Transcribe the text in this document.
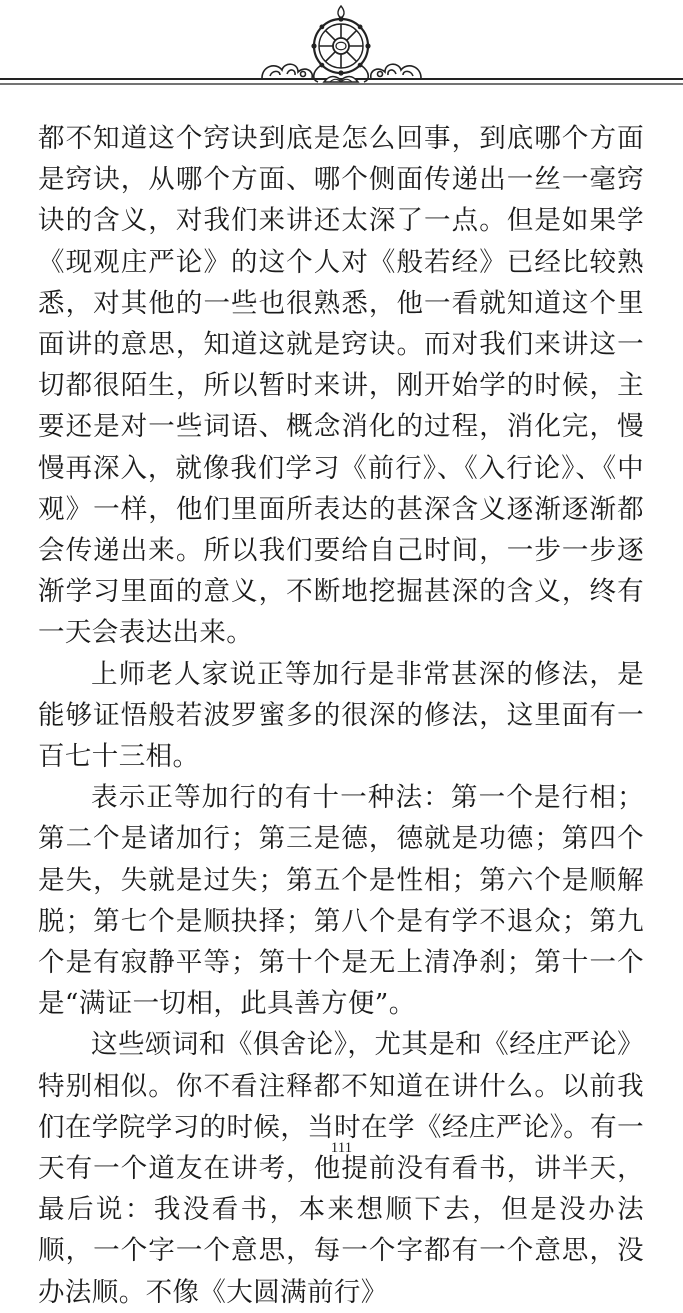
都不知道这个窍诀到底是怎么回事，到底哪个方面是窍诀，从哪个方面、哪个侧面传递出一丝一毫窍诀的含义，对我们来讲还太深了一点。但是如果学《现观庄严论》的这个人对《般若经》已经比较熟悉，对其他的一些也很熟悉，他一看就知道这个里面讲的意思，知道这就是窍诀。而对我们来讲这一切都很陌生，所以暂时来讲，刚开始学的时候，主要还是对一些词语、概念消化的过程，消化完，慢慢再深入，就像我们学习《前行》、《入行论》、《中观》一样，他们里面所表达的甚深含义逐渐逐渐都会传递出来。所以我们要给自己时间，一步一步逐渐学习里面的意义，不断地挖掘甚深的含义，终有一天会表达出来。

上师老人家说正等加行是非常甚深的修法，是能够证悟般若波罗蜜多的很深的修法，这里面有一百七十三相。

表示正等加行的有十一种法：第一个是行相；第二个是诸加行；第三是德，德就是功德；第四个是失，失就是过失；第五个是性相；第六个是顺解脱；第七个是顺抉择；第八个是有学不退众；第九个是有寂静平等；第十个是无上清净刹；第十一个是“满证一切相，此具善方便”。

这些颂词和《俱舍论》，尤其是和《经庄严论》特别相似。你不看注释都不知道在讲什么。以前我们在学院学习的时候，当时在学《经庄严论》。有一天有一个道友在讲考，他提前没有看书，讲半天，最后说：我没看书，本来想顺下去，但是没办法顺，一个字一个意思，每一个字都有一个意思，没办法顺。不像《大圆满前行》

111
